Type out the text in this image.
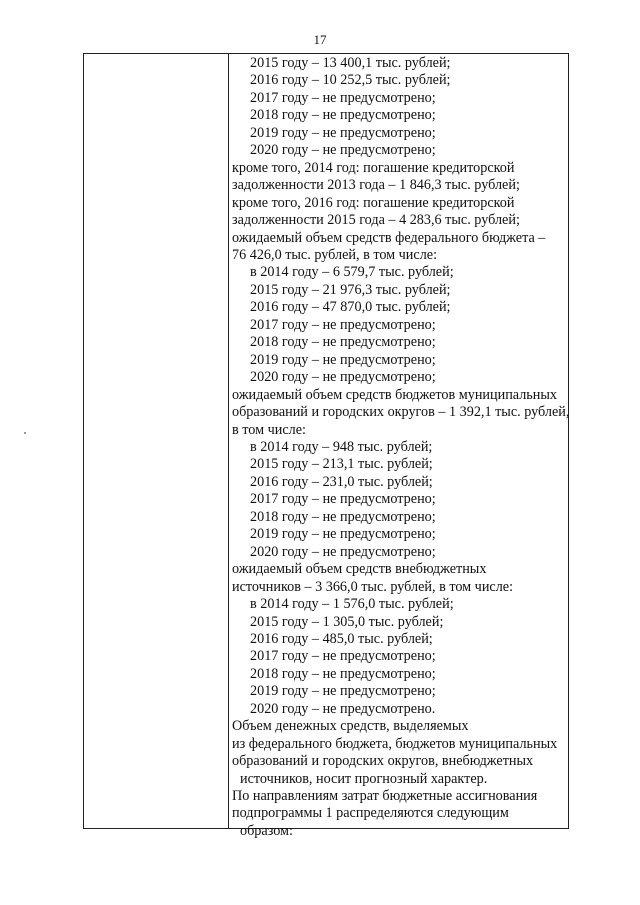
17
2015 году – 13 400,1 тыс. рублей;
2016 году – 10 252,5 тыс. рублей;
2017 году – не предусмотрено;
2018 году – не предусмотрено;
2019 году – не предусмотрено;
2020 году – не предусмотрено;
кроме того, 2014 год: погашение кредиторской
задолженности 2013 года – 1 846,3 тыс. рублей;
кроме того, 2016 год: погашение кредиторской
задолженности 2015 года – 4 283,6 тыс. рублей;
ожидаемый объем средств федерального бюджета –
76 426,0 тыс. рублей, в том числе:
в 2014 году – 6 579,7 тыс. рублей;
2015 году – 21 976,3 тыс. рублей;
2016 году – 47 870,0 тыс. рублей;
2017 году – не предусмотрено;
2018 году – не предусмотрено;
2019 году – не предусмотрено;
2020 году – не предусмотрено;
ожидаемый объем средств бюджетов муниципальных
образований и городских округов – 1 392,1 тыс. рублей,
в том числе:
в 2014 году – 948 тыс. рублей;
2015 году – 213,1 тыс. рублей;
2016 году – 231,0 тыс. рублей;
2017 году – не предусмотрено;
2018 году – не предусмотрено;
2019 году – не предусмотрено;
2020 году – не предусмотрено;
ожидаемый объем средств внебюджетных
источников – 3 366,0 тыс. рублей, в том числе:
в 2014 году – 1 576,0 тыс. рублей;
2015 году – 1 305,0 тыс. рублей;
2016 году – 485,0 тыс. рублей;
2017 году – не предусмотрено;
2018 году – не предусмотрено;
2019 году – не предусмотрено;
2020 году – не предусмотрено.
Объем денежных средств, выделяемых
из федерального бюджета, бюджетов муниципальных
образований и городских округов, внебюджетных
источников, носит прогнозный характер.
По направлениям затрат бюджетные ассигнования
подпрограммы 1 распределяются следующим
образом:
